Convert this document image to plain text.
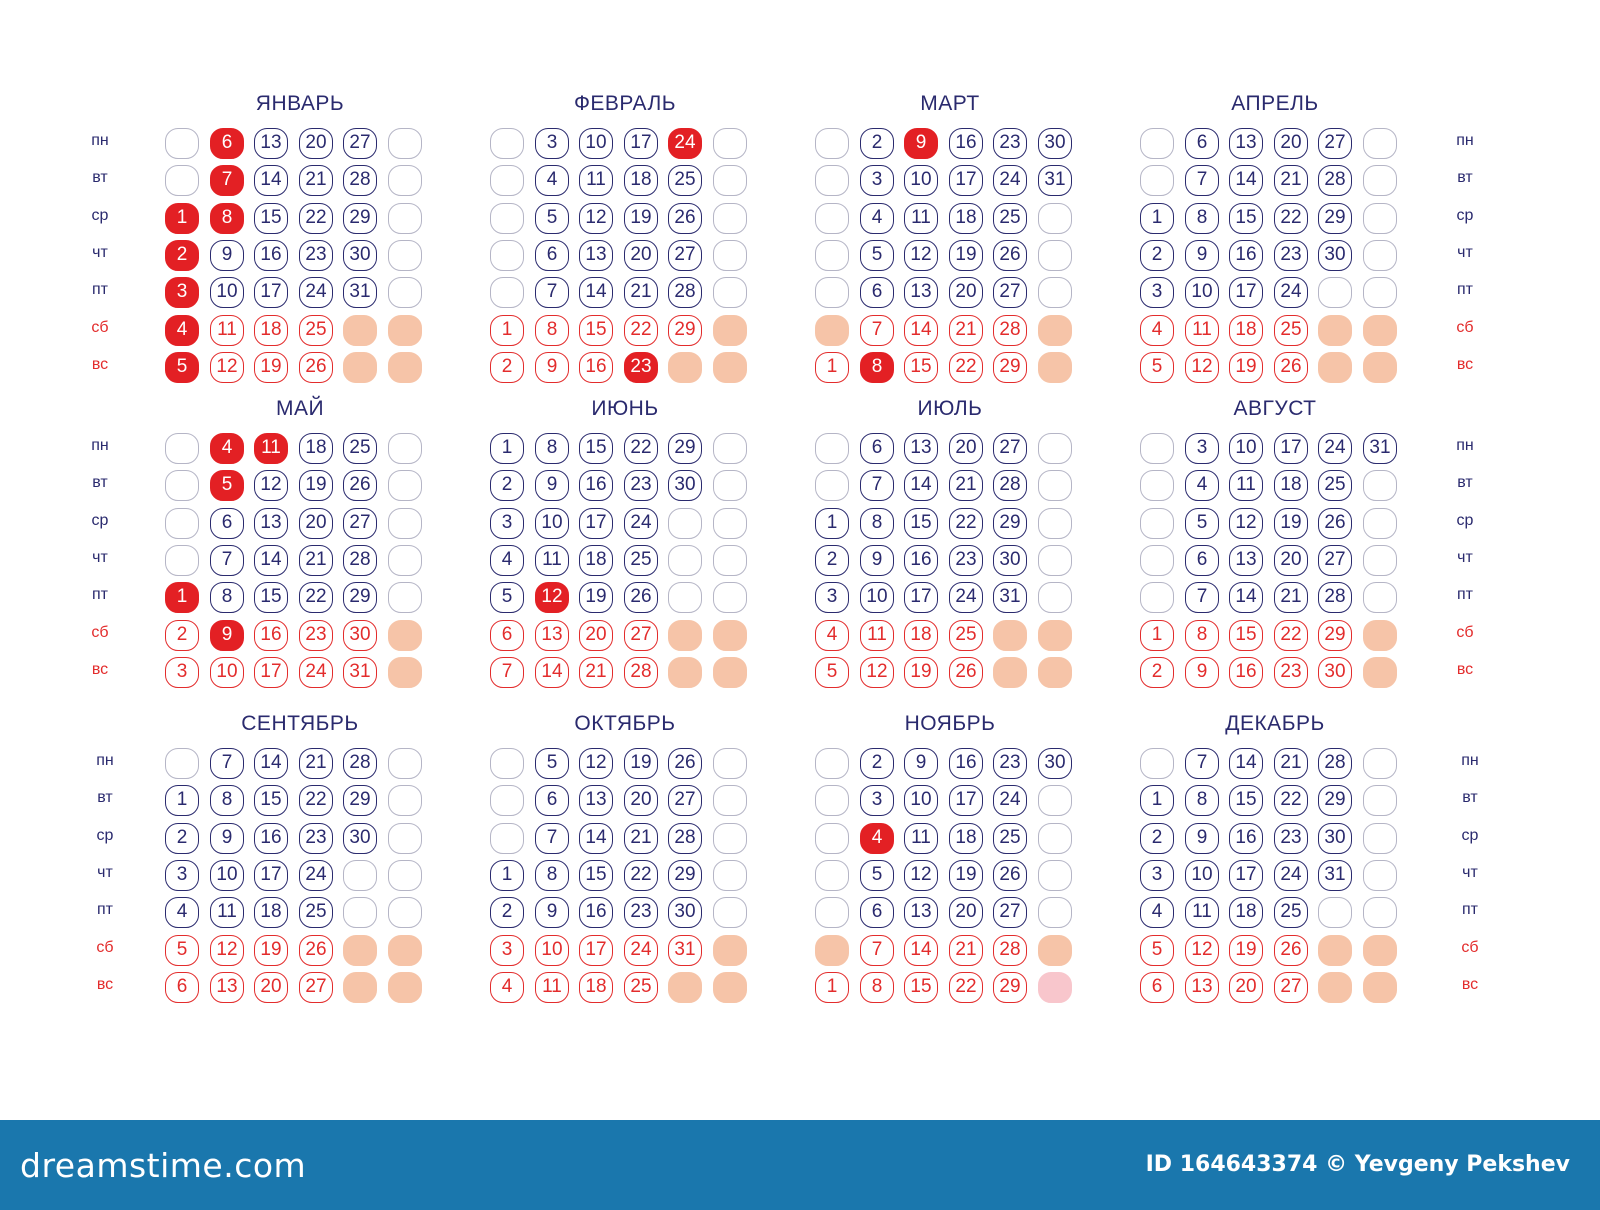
ЯНВАРЬ
1
2
3
4
5
6
7
8
9
10
11
12
13
14
15
16
17
18
19
20
21
22
23
24
25
26
27
28
29
30
31
ФЕВРАЛЬ
1
2
3
4
5
6
7
8
9
10
11
12
13
14
15
16
17
18
19
20
21
22
23
24
25
26
27
28
29
МАРТ
1
2
3
4
5
6
7
8
9
10
11
12
13
14
15
16
17
18
19
20
21
22
23
24
25
26
27
28
29
30
31
АПРЕЛЬ
1
2
3
4
5
6
7
8
9
10
11
12
13
14
15
16
17
18
19
20
21
22
23
24
25
26
27
28
29
30
МАЙ
1
2
3
4
5
6
7
8
9
10
11
12
13
14
15
16
17
18
19
20
21
22
23
24
25
26
27
28
29
30
31
ИЮНЬ
1
2
3
4
5
6
7
8
9
10
11
12
13
14
15
16
17
18
19
20
21
22
23
24
25
26
27
28
29
30
ИЮЛЬ
1
2
3
4
5
6
7
8
9
10
11
12
13
14
15
16
17
18
19
20
21
22
23
24
25
26
27
28
29
30
31
АВГУСТ
1
2
3
4
5
6
7
8
9
10
11
12
13
14
15
16
17
18
19
20
21
22
23
24
25
26
27
28
29
30
31
СЕНТЯБРЬ
1
2
3
4
5
6
7
8
9
10
11
12
13
14
15
16
17
18
19
20
21
22
23
24
25
26
27
28
29
30
ОКТЯБРЬ
1
2
3
4
5
6
7
8
9
10
11
12
13
14
15
16
17
18
19
20
21
22
23
24
25
26
27
28
29
30
31
НОЯБРЬ
1
2
3
4
5
6
7
8
9
10
11
12
13
14
15
16
17
18
19
20
21
22
23
24
25
26
27
28
29
30
ДЕКАБРЬ
1
2
3
4
5
6
7
8
9
10
11
12
13
14
15
16
17
18
19
20
21
22
23
24
25
26
27
28
29
30
31
пн
вт
ср
чт
пт
сб
вс
пн
вт
ср
чт
пт
сб
вс
пн
вт
ср
чт
пт
сб
вс
пн
вт
ср
чт
пт
сб
вс
пн
вт
ср
чт
пт
сб
вс
пн
вт
ср
чт
пт
сб
вс
dreamstime.com	ID 164643374 © Yevgeny Pekshev
